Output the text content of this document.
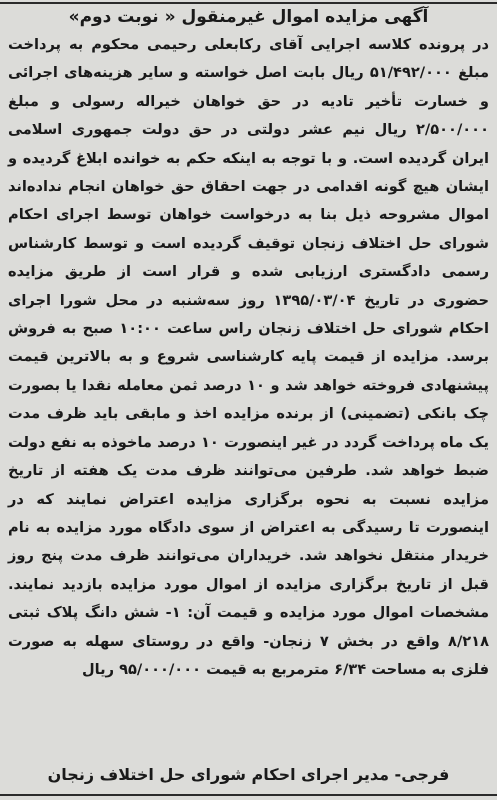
آگهی مزایده اموال غیرمنقول « نوبت دوم»

در پرونده کلاسه اجرایی آقای رکابعلی رحیمی محکوم به پرداخت مبلغ ۵۱/۴۹۲/۰۰۰ ریال بابت اصل خواسته و سایر هزینه‌های اجرائی و خسارت تأخیر تادیه در حق خواهان خیراله رسولی و مبلغ ۲/۵۰۰/۰۰۰ ریال نیم عشر دولتی در حق دولت جمهوری اسلامی ایران گردیده است. و با توجه به اینکه حکم به خوانده ابلاغ گردیده و ایشان هیچ گونه اقدامی در جهت احقاق حق خواهان انجام نداده‌اند اموال مشروحه ذیل بنا به درخواست خواهان توسط اجرای احکام شورای حل اختلاف زنجان توقیف گردیده است و توسط کارشناس رسمی دادگستری ارزیابی شده و قرار است از طریق مزایده حضوری در تاریخ ۱۳۹۵/۰۳/۰۴ روز سه‌شنبه در محل شورا اجرای احکام شورای حل اختلاف زنجان راس ساعت ۱۰:۰۰ صبح به فروش برسد. مزایده از قیمت پایه کارشناسی شروع و به بالاترین قیمت پیشنهادی فروخته خواهد شد و ۱۰ درصد ثمن معامله نقدا یا بصورت چک بانکی (تضمینی) از برنده مزایده اخذ و مابقی باید ظرف مدت یک ماه پرداخت گردد در غیر اینصورت ۱۰ درصد ماخوذه به نفع دولت ضبط خواهد شد. طرفین می‌توانند ظرف مدت یک هفته از تاریخ مزایده نسبت به نحوه برگزاری مزایده اعتراض نمایند که در اینصورت تا رسیدگی به اعتراض از سوی دادگاه مورد مزایده به نام خریدار منتقل نخواهد شد. خریداران می‌توانند ظرف مدت پنج روز قبل از تاریخ برگزاری مزایده از اموال مورد مزایده بازدید نمایند. مشخصات اموال مورد مزایده و قیمت آن: ۱- شش دانگ پلاک ثبتی ۸/۲۱۸ واقع در بخش ۷ زنجان- واقع در روستای سهله به صورت فلزی به مساحت ۶/۳۴ مترمربع به قیمت ۹۵/۰۰۰/۰۰۰ ریال

فرجی- مدیر اجرای احکام شورای حل اختلاف زنجان
